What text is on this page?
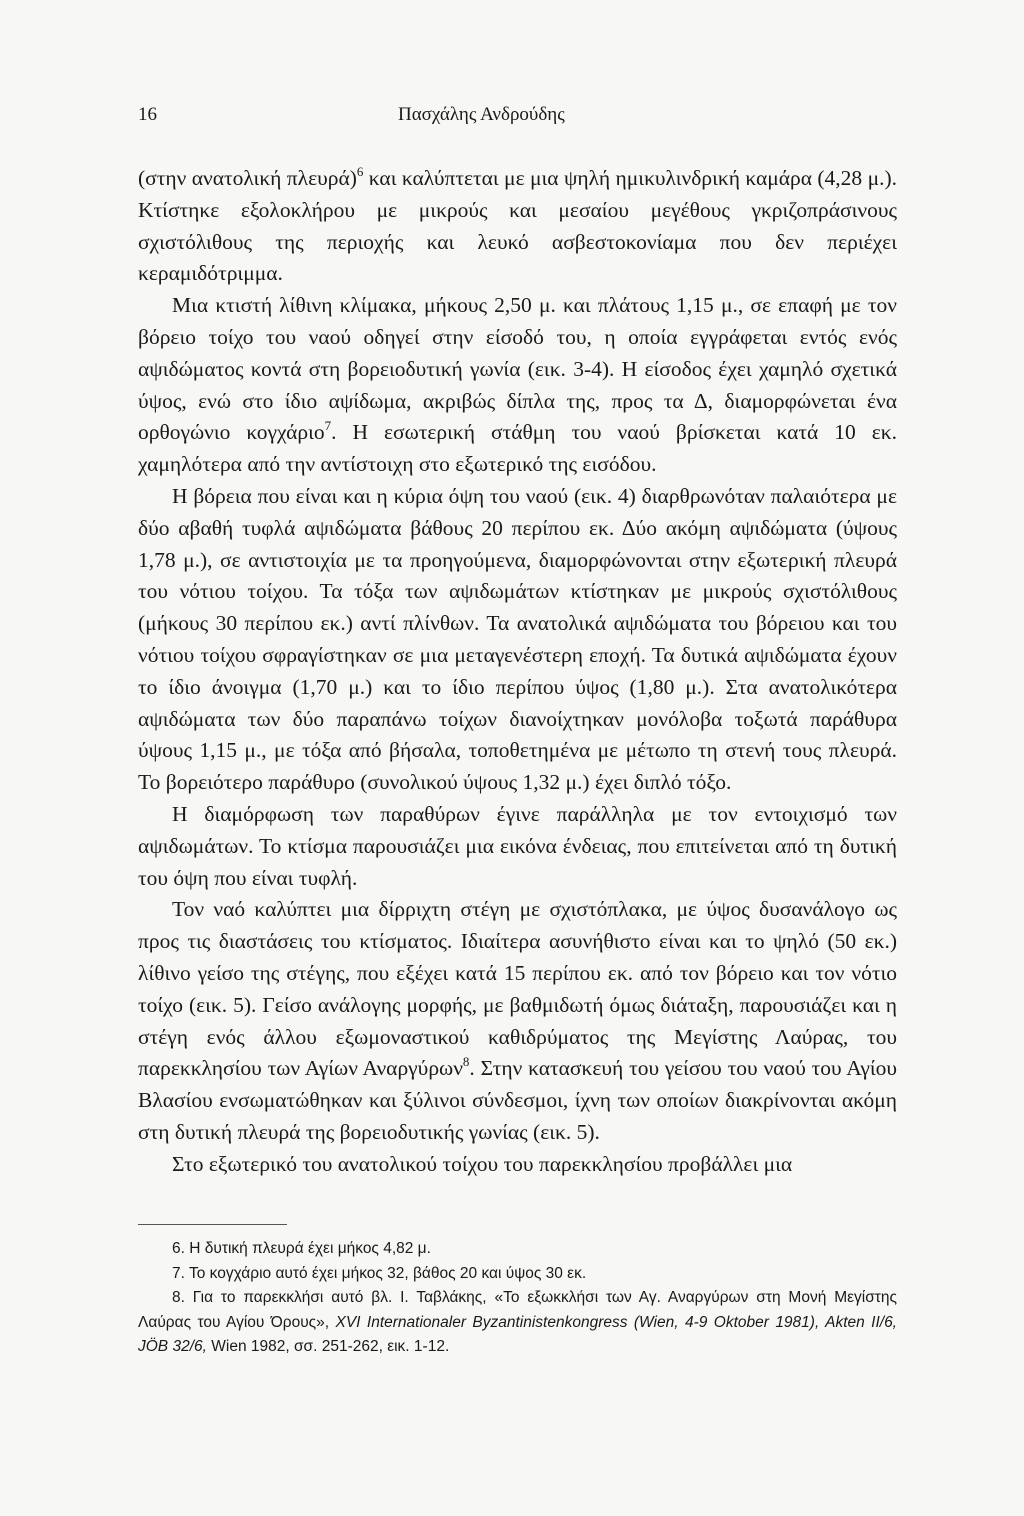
16	Πασχάλης Ανδρούδης

(στην ανατολική πλευρά)$^6$ και καλύπτεται με μια ψηλή ημικυλινδρική καμάρα (4,28 μ.). Κτίστηκε εξολοκλήρου με μικρούς και μεσαίου μεγέθους γκριζοπράσινους σχιστόλιθους της περιοχής και λευκό ασβεστοκονίαμα που δεν περιέχει κεραμιδότριμμα.

Μια κτιστή λίθινη κλίμακα, μήκους 2,50 μ. και πλάτους 1,15 μ., σε επαφή με τον βόρειο τοίχο του ναού οδηγεί στην είσοδό του, η οποία εγγράφεται εντός ενός αψιδώματος κοντά στη βορειοδυτική γωνία (εικ. 3-4). Η είσοδος έχει χαμηλό σχετικά ύψος, ενώ στο ίδιο αψίδωμα, ακριβώς δίπλα της, προς τα Δ, διαμορφώνεται ένα ορθογώνιο κογχάριο$^7$. Η εσωτερική στάθμη του ναού βρίσκεται κατά 10 εκ. χαμηλότερα από την αντίστοιχη στο εξωτερικό της εισόδου.

Η βόρεια που είναι και η κύρια όψη του ναού (εικ. 4) διαρθρωνόταν παλαιότερα με δύο αβαθή τυφλά αψιδώματα βάθους 20 περίπου εκ. Δύο ακόμη αψιδώματα (ύψους 1,78 μ.), σε αντιστοιχία με τα προηγούμενα, διαμορφώνονται στην εξωτερική πλευρά του νότιου τοίχου. Τα τόξα των αψιδωμάτων κτίστηκαν με μικρούς σχιστόλιθους (μήκους 30 περίπου εκ.) αντί πλίνθων. Τα ανατολικά αψιδώματα του βόρειου και του νότιου τοίχου σφραγίστηκαν σε μια μεταγενέστερη εποχή. Τα δυτικά αψιδώματα έχουν το ίδιο άνοιγμα (1,70 μ.) και το ίδιο περίπου ύψος (1,80 μ.). Στα ανατολικότερα αψιδώματα των δύο παραπάνω τοίχων διανοίχτηκαν μονόλοβα τοξωτά παράθυρα ύψους 1,15 μ., με τόξα από βήσαλα, τοποθετημένα με μέτωπο τη στενή τους πλευρά. Το βορειότερο παράθυρο (συνολικού ύψους 1,32 μ.) έχει διπλό τόξο.

Η διαμόρφωση των παραθύρων έγινε παράλληλα με τον εντοιχισμό των αψιδωμάτων. Το κτίσμα παρουσιάζει μια εικόνα ένδειας, που επιτείνεται από τη δυτική του όψη που είναι τυφλή.

Τον ναό καλύπτει μια δίρριχτη στέγη με σχιστόπλακα, με ύψος δυσανάλογο ως προς τις διαστάσεις του κτίσματος. Ιδιαίτερα ασυνήθιστο είναι και το ψηλό (50 εκ.) λίθινο γείσο της στέγης, που εξέχει κατά 15 περίπου εκ. από τον βόρειο και τον νότιο τοίχο (εικ. 5). Γείσο ανάλογης μορφής, με βαθμιδωτή όμως διάταξη, παρουσιάζει και η στέγη ενός άλλου εξωμοναστικού καθιδρύματος της Μεγίστης Λαύρας, του παρεκκλησίου των Αγίων Αναργύρων$^8$. Στην κατασκευή του γείσου του ναού του Αγίου Βλασίου ενσωματώθηκαν και ξύλινοι σύνδεσμοι, ίχνη των οποίων διακρίνονται ακόμη στη δυτική πλευρά της βορειοδυτικής γωνίας (εικ. 5).

Στο εξωτερικό του ανατολικού τοίχου του παρεκκλησίου προβάλλει μια

6. Η δυτική πλευρά έχει μήκος 4,82 μ.

7. Το κογχάριο αυτό έχει μήκος 32, βάθος 20 και ύψος 30 εκ.

8. Για το παρεκκλήσι αυτό βλ. Ι. Ταβλάκης, «Το εξωκκλήσι των Αγ. Αναργύρων στη Μονή Μεγίστης Λαύρας του Αγίου Όρους», XVI Internationaler Byzantinistenkongress (Wien, 4-9 Oktober 1981), Akten II/6, JÖB 32/6, Wien 1982, σσ. 251-262, εικ. 1-12.
